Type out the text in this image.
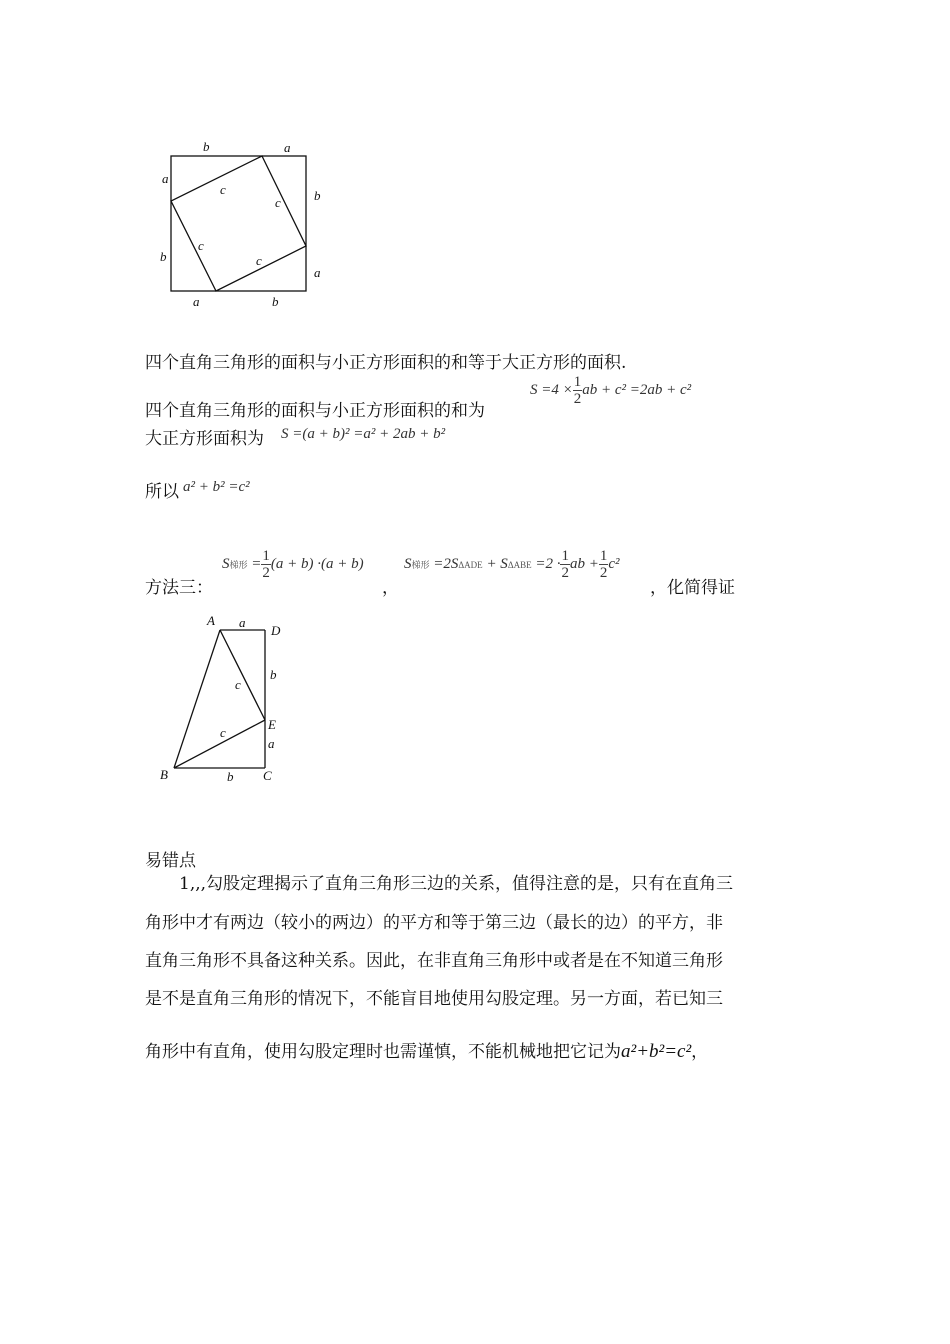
b	a
a
b
b
a
a	b
c
c
c
c
四个直角三角形的面积与小正方形面积的和等于大正方形的面积.
$S =4 \times \frac{1}{2}$ ab + c² =2ab + c²
四个直角三角形的面积与小正方形面积的和为
大正方形面积为 S =(a + b)² =a² + 2ab + b²
所以 a² + b² =c²
方法三：
S梯形 = $\frac{1}{2} (a + b) \cdot(a + b)$
，
S梯形 $=2S\Delta ADE + S\Delta ABE =2 \cdot \frac{1}{2}$ ab + $\frac{1}{2} c^2$
，化简得证
A a
D
b
c
E
c
a
B	b C
易错点
1,,,勾股定理揭示了直角三角形三边的关系，值得注意的是，只有在直角三
角形中才有两边（较小的两边）的平方和等于第三边（最长的边）的平方，非
直角三角形不具备这种关系。因此，在非直角三角形中或者是在不知道三角形
是不是直角三角形的情况下，不能盲目地使用勾股定理。另一方面，若已知三
角形中有直角，使用勾股定理时也需谨慎，不能机械地把它记为a²+b²=c²，
